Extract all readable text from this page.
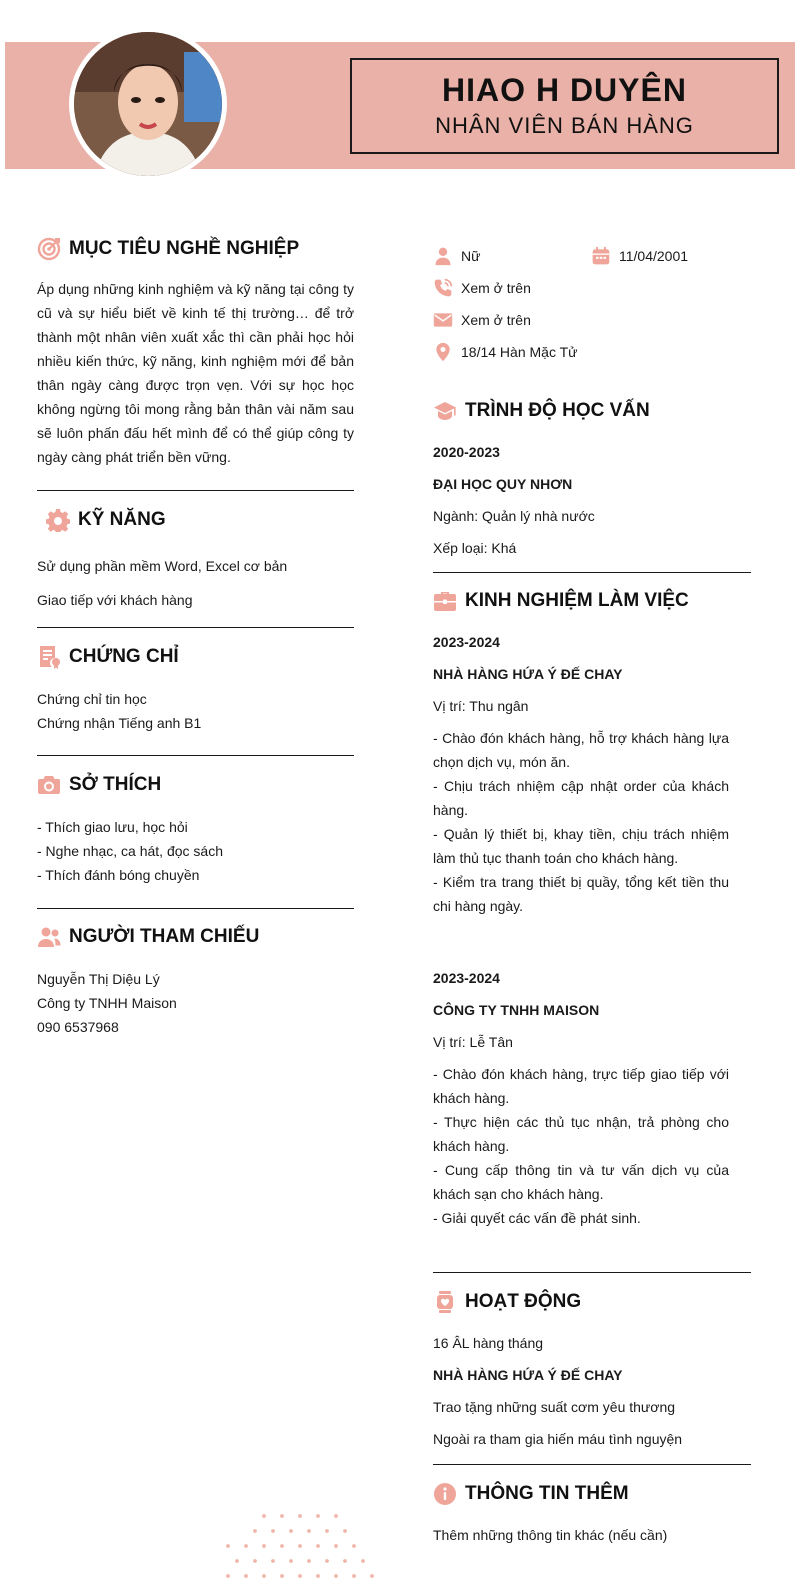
HIAO H DUYÊN
NHÂN VIÊN BÁN HÀNG
MỤC TIÊU NGHỀ NGHIỆP

Áp dụng những kinh nghiệm và kỹ năng tại công ty cũ và sự hiểu biết về kinh tế thị trường… để trở thành một nhân viên xuất xắc thì cần phải học hỏi nhiều kiến thức, kỹ năng, kinh nghiệm mới để bản thân ngày càng được trọn vẹn. Với sự học học không ngừng tôi mong rằng bản thân vài năm sau sẽ luôn phấn đấu hết mình để có thể giúp công ty ngày càng phát triển bền vững.

KỸ NĂNG
Sử dụng phần mềm Word, Excel cơ bản
Giao tiếp với khách hàng
CHỨNG CHỈ
Chứng chỉ tin học
Chứng nhận Tiếng anh B1
SỞ THÍCH
- Thích giao lưu, học hỏi
- Nghe nhạc, ca hát, đọc sách
- Thích đánh bóng chuyền
NGƯỜI THAM CHIẾU
Nguyễn Thị Diệu Lý
Công ty TNHH Maison
090 6537968
Nữ	11/04/2001
Xem ở trên
Xem ở trên
18/14 Hàn Mặc Tử
TRÌNH ĐỘ HỌC VẤN
2020-2023
ĐẠI HỌC QUY NHƠN
Ngành: Quản lý nhà nước
Xếp loại: Khá
KINH NGHIỆM LÀM VIỆC
2023-2024
NHÀ HÀNG HỨA Ý ĐẾ CHAY
Vị trí: Thu ngân

- Chào đón khách hàng, hỗ trợ khách hàng lựa chọn dịch vụ, món ăn.
- Chịu trách nhiệm cập nhật order của khách hàng.
- Quản lý thiết bị, khay tiền, chịu trách nhiệm làm thủ tục thanh toán cho khách hàng.
- Kiểm tra trang thiết bị quầy, tổng kết tiền thu chi hàng ngày.

2023-2024
CÔNG TY TNHH MAISON
Vị trí: Lễ Tân

- Chào đón khách hàng, trực tiếp giao tiếp với khách hàng.
- Thực hiện các thủ tục nhận, trả phòng cho khách hàng.
- Cung cấp thông tin và tư vấn dịch vụ của khách sạn cho khách hàng.
- Giải quyết các vấn đề phát sinh.

HOẠT ĐỘNG
16 ÂL hàng tháng
NHÀ HÀNG HỨA Ý ĐẾ CHAY
Trao tặng những suất cơm yêu thương
Ngoài ra tham gia hiến máu tình nguyện
THÔNG TIN THÊM
Thêm những thông tin khác (nếu cần)
